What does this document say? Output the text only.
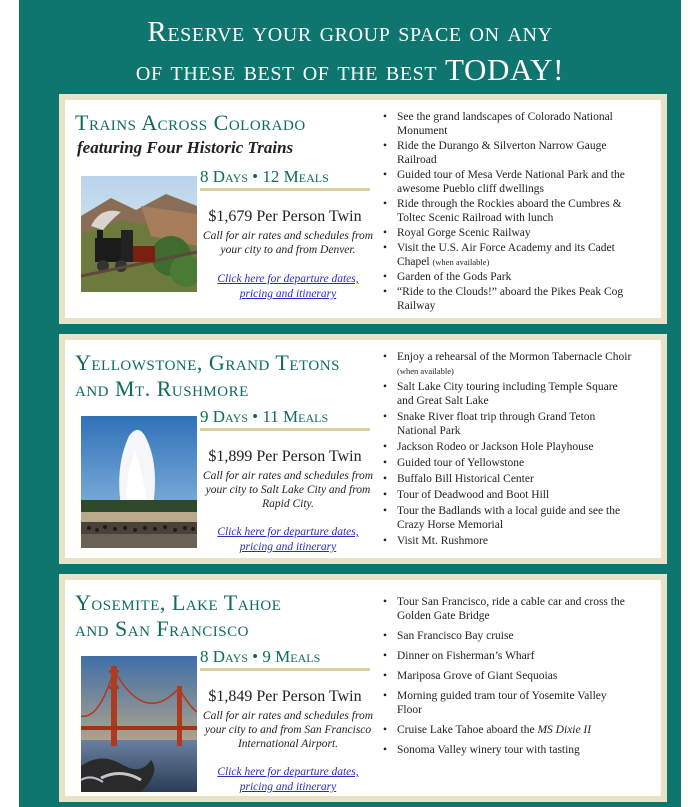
Reserve your group space on any
of these best of the best TODAY!
Trains Across Colorado
featuring Four Historic Trains
8 Days • 12 Meals
$1,679 Per Person Twin
Call for air rates and schedules from your city to and from Denver.
Click here for departure dates, pricing and itinerary
• See the grand landscapes of Colorado National Monument
• Ride the Durango & Silverton Narrow Gauge Railroad
• Guided tour of Mesa Verde National Park and the awesome Pueblo cliff dwellings
• Ride through the Rockies aboard the Cumbres & Toltec Scenic Railroad with lunch
• Royal Gorge Scenic Railway
• Visit the U.S. Air Force Academy and its Cadet Chapel (when available)
• Garden of the Gods Park
• “Ride to the Clouds!” aboard the Pikes Peak Cog Railway
Yellowstone, Grand Tetons
and Mt. Rushmore
9 Days • 11 Meals
$1,899 Per Person Twin
Call for air rates and schedules from your city to Salt Lake City and from Rapid City.
Click here for departure dates, pricing and itinerary
• Enjoy a rehearsal of the Mormon Tabernacle Choir (when available)
• Salt Lake City touring including Temple Square and Great Salt Lake
• Snake River float trip through Grand Teton National Park
• Jackson Rodeo or Jackson Hole Playhouse
• Guided tour of Yellowstone
• Buffalo Bill Historical Center
• Tour of Deadwood and Boot Hill
• Tour the Badlands with a local guide and see the Crazy Horse Memorial
• Visit Mt. Rushmore
Yosemite, Lake Tahoe
and San Francisco
8 Days • 9 Meals
$1,849 Per Person Twin
Call for air rates and schedules from your city to and from San Francisco International Airport.
Click here for departure dates, pricing and itinerary
• Tour San Francisco, ride a cable car and cross the Golden Gate Bridge
• San Francisco Bay cruise
• Dinner on Fisherman’s Wharf
• Mariposa Grove of Giant Sequoias
• Morning guided tram tour of Yosemite Valley Floor
• Cruise Lake Tahoe aboard the MS Dixie II
• Sonoma Valley winery tour with tasting
